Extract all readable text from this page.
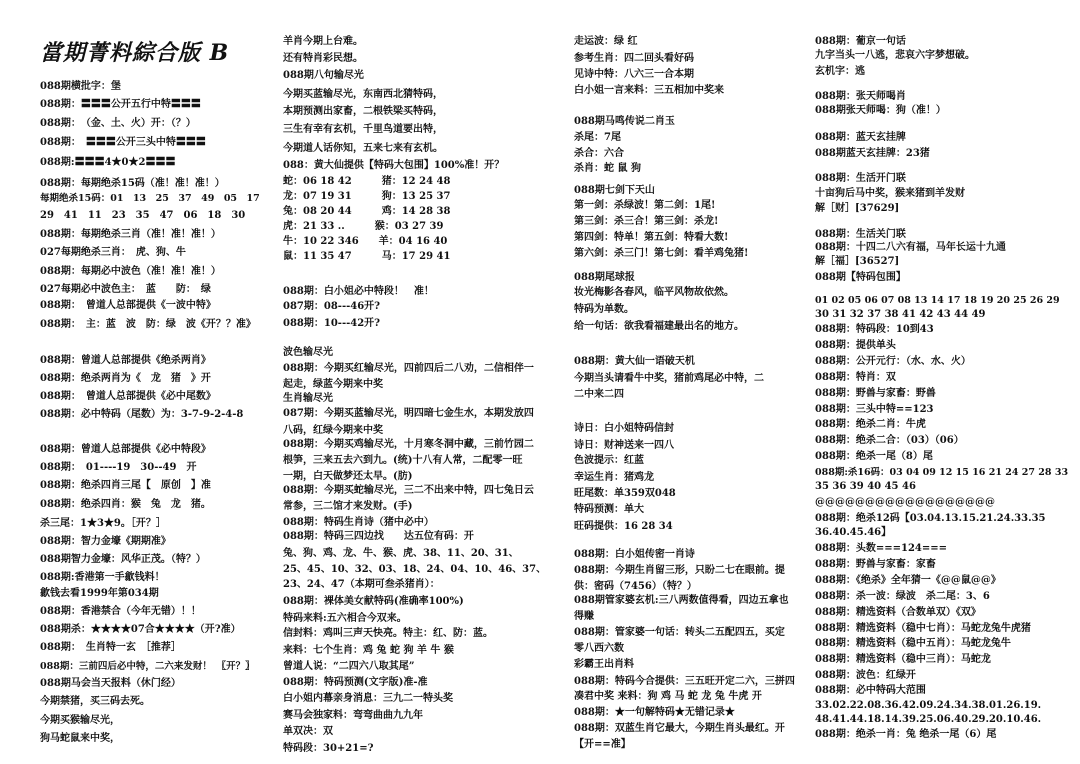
當期菁料綜合版 B
088期横批字：堡
088期：〓〓〓公开五行中特〓〓〓
088期：　（金、土、火）开：（？）
088期：　〓〓〓公开三头中特〓〓〓
088期:〓〓〓4★0★2〓〓〓
088期：每期绝杀15码（准！准！准！）
每期绝杀15码：01　13　25　37　49　05　17
29　41　11　23　35　47　06　18　30
088期：每期绝杀三肖（准！准！准！）
027每期绝杀三肖：　虎、狗、牛
088期：每期必中波色（准！准！准！）
027每期必中波色主：　蓝　　防：　绿
088期：　曾道人总部提供《一波中特》
088期：　主：蓝　波　防：绿　波《开？？准》
088期：曾道人总部提供《绝杀两肖》
088期：绝杀两肖为《　龙　猪　》开
088期：　曾道人总部提供《必中尾数》
088期：必中特码（尾数）为：3-7-9-2-4-8
088期：曾道人总部提供《必中特段》
088期：　01----19　30--49　开
088期：绝杀四肖三尾【　原创　】准
088期：绝杀四肖：猴　兔　龙　猪。
杀三尾：1★3★9。［开？］
088期：智力金壕《期期准》
088期智力金壕：风华正茂。（特？）
088期:香港第一手歙钱料！
歙钱去看1999年第034期
088期：香港禁合（今年无错）！！
088期杀：★★★★07合★★★★（开?准）
088期：　生肖特一玄　［推荐］
088期：三前四后必中特，二六来发财！　〖开？〗
088期马会当天报料（休门经）
今期禁猪，买三码去死。
今期买猴输尽光，
狗马蛇鼠来中奖，
羊肖今期上台难。
还有特肖彩民想。
088期八句输尽光
今期买蓝输尽光，东南西北猜特码，
本期预测出家畜，二根铁梁买特码，
三生有幸有玄机，千里鸟道要出特，
今期道人话你知，五来七来有玄机。
088：黄大仙提供【特码大包围】100%准！开？
蛇：06 18 42　　　猪：12 24 48
龙：07 19 31　　　狗：13 25 37
兔：08 20 44　　　鸡：14 28 38
虎：21 33 ..　　　猴：03 27 39
牛：10 22 346　　羊：04 16 40
鼠：11 35 47　　　马：17 29 41
088期：白小姐必中特段！　准！
087期：08---46开?
088期：10---42开?
波色输尽光
088期：今期买红输尽光，四前四后二八劝，二信相伴一
起走，绿蓝今期来中奖
生肖输尽光
087期：今期买蓝输尽光，明四暗七金生水，本期发放四
八码，红绿今期来中奖
088期：今期买鸡输尽光，十月寒冬洞中藏，三前竹园二
根笋，三来五去六到九。(统)十八有人常，二配零一旺
一期，白天做梦还太早。(肪)
088期：今期买蛇输尽光，三二不出来中特，四七兔日云
常参，三二馆才来发财。(手)
088期：特码生肖诗（猪中必中）
088期：特码三四边找　　达五位有码：开
兔、狗、鸡、龙、牛、猴、虎、38、11、20、31、
25、45、10、32、03、18、24、04、10、46、37、
23、24、47（本期可叁杀猪肖）：
088期：裸体美女献特码(准确率100%)
特码来料:五六相合今双来。
信封料：鸡叫三声天快亮。特主：红、防：蓝。
来料：七个生肖：鸡 兔 蛇 狗 羊 牛 猴
曾道人说：“二四六八取其尾”
088期：特码预测(文字版)准-准
白小姐内幕亲身消息：三九二一特头奖
赛马会独家料：弯弯曲曲九九年
单双决：双
特码段：30+21=?
走运波：绿 红
参考生肖：四二回头看好码
见诗中特：八六三一合本期
白小姐一言来料：三五相加中奖来
088期马鸣传说二肖玉
杀尾：7尾
杀合：六合
杀肖：蛇 鼠 狗
088期七剑下天山
第一剑：杀绿波！第二剑：1尾!
第三剑：杀三合！第三剑：杀龙!
第四剑：特单！第五剑：特看大数!
第六剑：杀三门！第七剑：看羊鸡兔猪!
088期尾球报
妆光梅影各春风，临平风物故依然。
特码为单数。
给一句话：欲我看福建最出名的地方。
088期：黄大仙一语破天机
今期当头请看牛中奖，猪前鸡尾必中特，二
二中来二四
诗日：白小姐特码信封
诗日：财神送来一四八
色波提示：红蓝
幸运生肖：猪鸡龙
旺尾数：单359双048
特码预测：单大
旺码提供：16 28 34
088期：白小姐传密一肖诗
088期：今期生肖留三形，只盼二七在眼前。提
供：密码（7456）（特？）
088期管家婆玄机:三八两数值得看，四边五拿也
得赚
088期：管家婆一句话：转头二五配四五，买定
零八西六数
彩霸王出肖料
088期：特码今合提供：三五旺开定二六，三拼四
凑君中奖 来料：狗 鸡 马 蛇 龙 兔 牛虎 开
088期：★一句解特码★无错记录★
088期：双蓝生肖它最大，今期生肖头最红。开
【开==准】
088期：葡京一句话
九字当头一八逃，悲哀六字梦想破。
玄机字：逃
088期：张天师喝肖
088期张天师喝：狗（准！）
088期：蓝天玄挂牌
088期蓝天玄挂牌：23猪
088期：生活开门联
十亩狗后马中奖，猴来猪到羊发财
解［财］[37629]
088期：生活关门联
088期：十四二八六有福，马年长运十九通
解［福］[36527]
088期【特码包围】
01 02 05 06 07 08 13 14 17 18 19 20 25 26 29
30 31 32 37 38 41 42 43 44 49
088期：特码段：10到43
088期：提供单头
088期：公开元行：（水、水、火）
088期：特肖：双
088期：野兽与家畜：野兽
088期：三头中特==123
088期：绝杀二肖：牛虎
088期：绝杀二合：（03）（06）
088期：绝杀一尾（8）尾
088期:杀16码：03 04 09 12 15 16 21 24 27 28 33
35 36 39 40 45 46
@@@@@@@@@@@@@@@@@@
088期：绝杀12码【03.04.13.15.21.24.33.35
36.40.45.46】
088期：头数===124===
088期：野兽与家畜：家畜
088期：《绝杀》全年猜一《@@鼠@@》
088期：杀一波：绿波　杀二尾：3、6
088期：精选资料（合数单双）《双》
088期：精选资料（稳中七肖）：马蛇龙兔牛虎猪
088期：精选资料（稳中五肖）：马蛇龙兔牛
088期：精选资料（稳中三肖）：马蛇龙
088期：波色：红绿开
088期：必中特码大范围
33.02.22.08.36.42.09.24.34.38.01.26.19.
48.41.44.18.14.39.25.06.40.29.20.10.46.
088期：绝杀一肖：兔 绝杀一尾（6）尾
